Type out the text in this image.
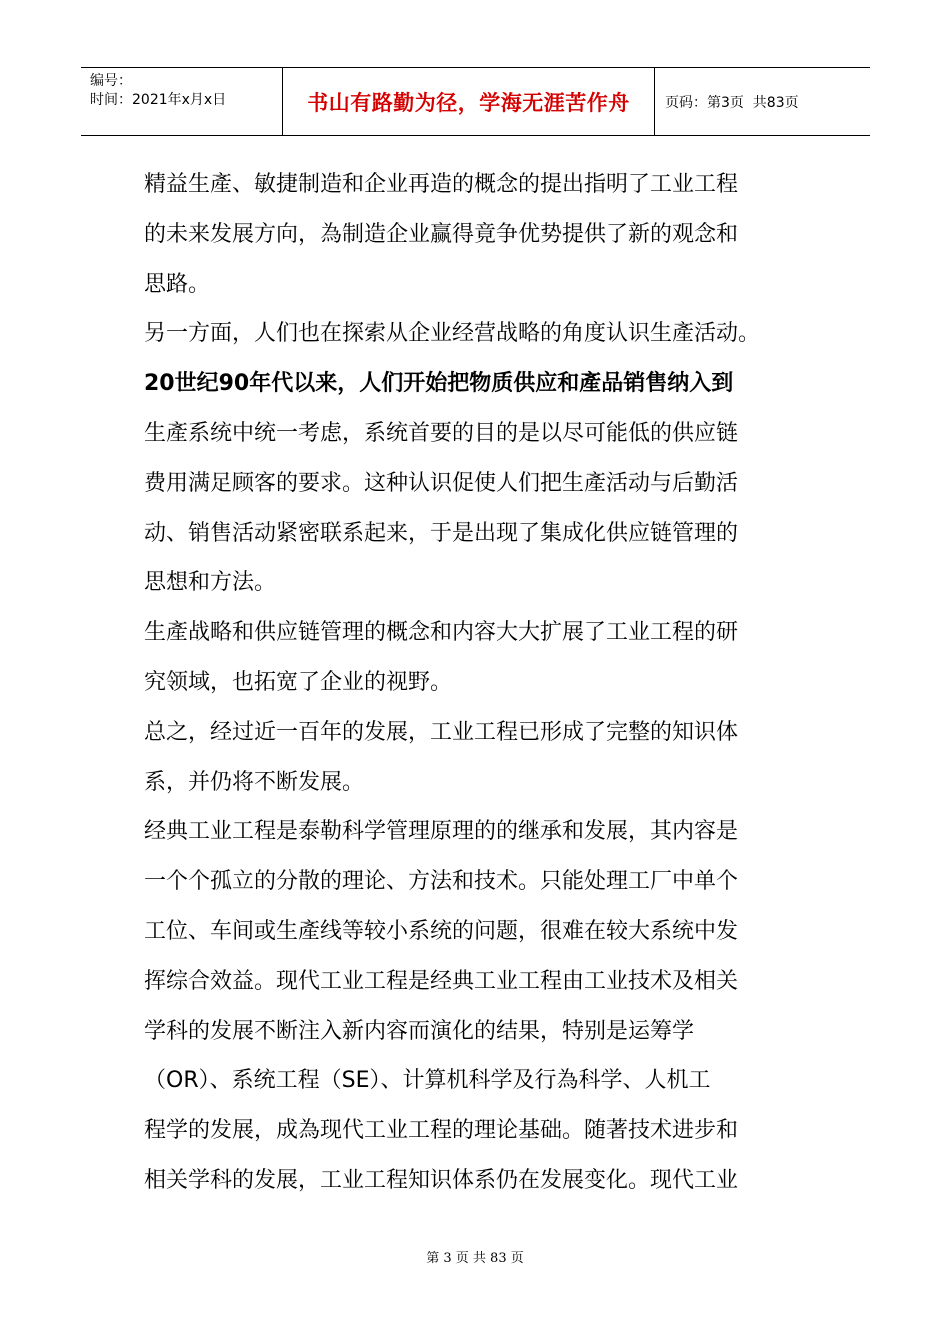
编号：
时间：2021年x月x日	书山有路勤为径，学海无涯苦作舟	页码：第3页  共83页

精益生產、敏捷制造和企业再造的概念的提出指明了工业工程

的未来发展方向，為制造企业赢得竟争优势提供了新的观念和

思路。

另一方面，人们也在探索从企业经营战略的角度认识生產活动。

20世纪90年代以来，人们开始把物质供应和產品销售纳入到

生產系统中统一考虑，系统首要的目的是以尽可能低的供应链

费用满足顾客的要求。这种认识促使人们把生產活动与后勤活

动、销售活动紧密联系起来，于是出现了集成化供应链管理的

思想和方法。

生產战略和供应链管理的概念和内容大大扩展了工业工程的研

究领域，也拓宽了企业的视野。

总之，经过近一百年的发展，工业工程已形成了完整的知识体

系，并仍将不断发展。

经典工业工程是泰勒科学管理原理的的继承和发展，其内容是

一个个孤立的分散的理论、方法和技术。只能处理工厂中单个

工位、车间或生產线等较小系统的问题，很难在较大系统中发

挥综合效益。现代工业工程是经典工业工程由工业技术及相关

学科的发展不断注入新内容而演化的结果，特别是运筹学

（OR）、系统工程（SE）、计算机科学及行為科学、人机工

程学的发展，成為现代工业工程的理论基础。随著技术进步和

相关学科的发展，工业工程知识体系仍在发展变化。现代工业

第 3 页 共 83 页
